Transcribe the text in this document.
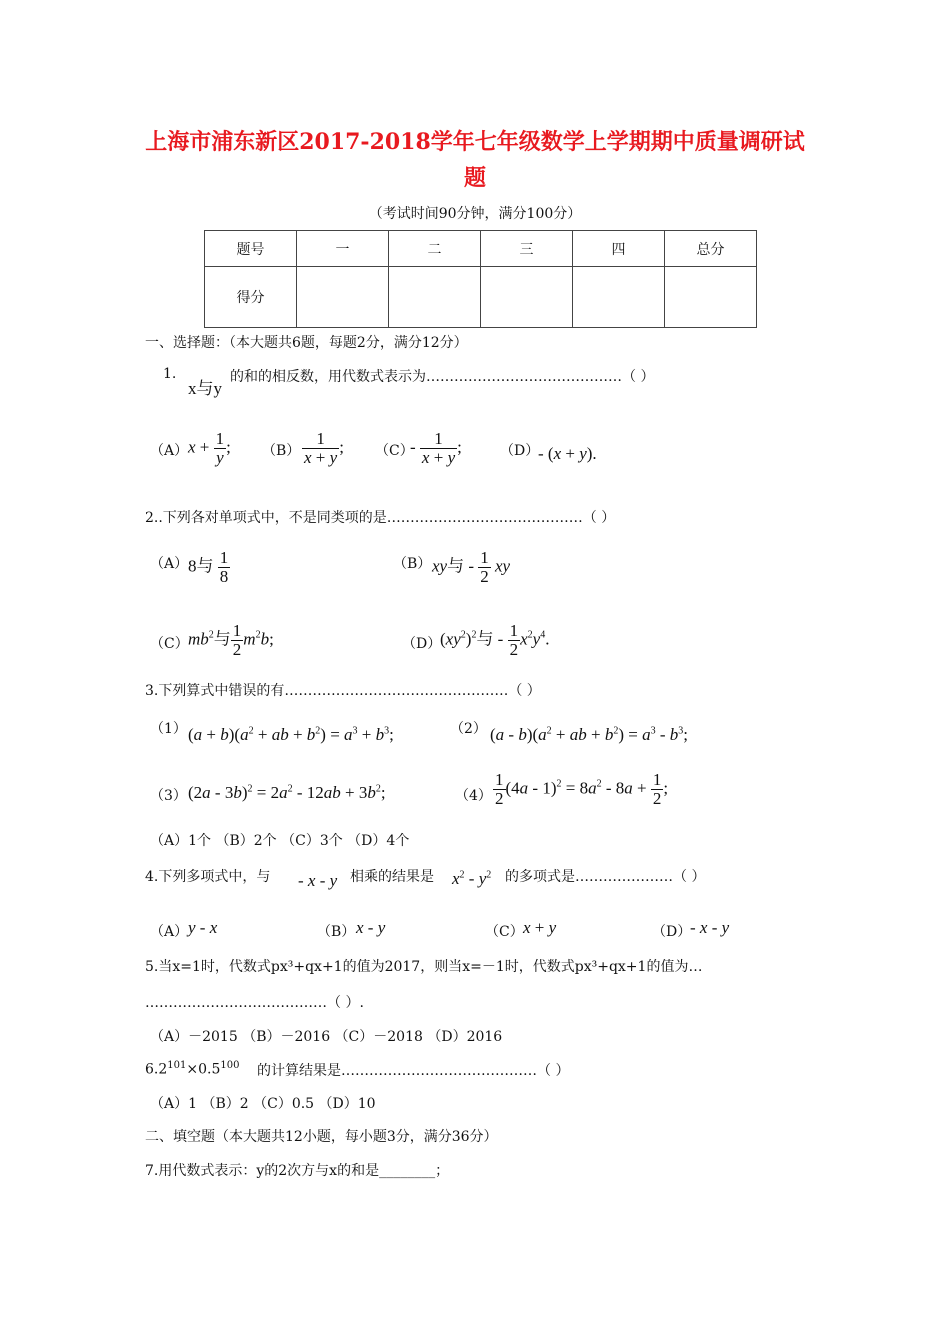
上海市浦东新区2017-2018学年七年级数学上学期期中质量调研试
题
（考试时间90分钟，满分100分）
题号	一	二	三	四	总分
得分					
一、选择题：（本大题共6题，每题2分，满分12分）
1.
x与y
的和的相反数，用代数式表示为……………………………………（ ）
（A） $x + \frac{1}{y}$ ; $(B) \frac{1}{x + y}$ ; （C）
- $\frac{1}{x + y}$ ;	（D）
- (x + y).
2..下列各对单项式中，不是同类项的是……………………………………（ ）
（A） 8与 $\frac{1}{8}$	（B） xy与 - $\frac{1}{2}$ xy
（C） $mb^2$与 $\frac{1}{2} m^2b$;	（D）
$(xy^2)^2$与 - $\frac{1}{2} x^2y^4$.
3.下列算式中错误的有…………………………………………（ ）
（1） $(a + b)(a^2$ + ab + $b^2) = a^3 + b^3$;	（2） $(a - b)(a^2$ + ab + $b^2) = a^3 - b^3$;
（3） $(2a - 3b)^2 = 2a^2 - 12ab + 3b^2$;	$(4) \frac{1}{2} (4a - 1)^2 = 8a^2 - 8a + \frac{1}{2}$ ;
（A）1个 （B）2个 （C）3个 （D）4个
4.下列多项式中，与 - x - y 相乘的结果是 $x^2 - y^2$ 的多项式是…………………（ ）
（A） y - x	（B） x - y	（C） x + y	（D）
- x - y
5.当x=1时，代数式px³+qx+1的值为2017，则当x=－1时，代数式px³+qx+1的值为…
…………………………………（ ）.
（A）－2015 （B）－2016 （C）－2018 （D）2016
$6.2^{101}\times 0.5^{100}$ 的计算结果是……………………………………（ ）
（A）1 （B）2 （C）0.5 （D）10
二、填空题（本大题共12小题，每小题3分，满分36分）
7.用代数式表示：y的2次方与x的和是________；
